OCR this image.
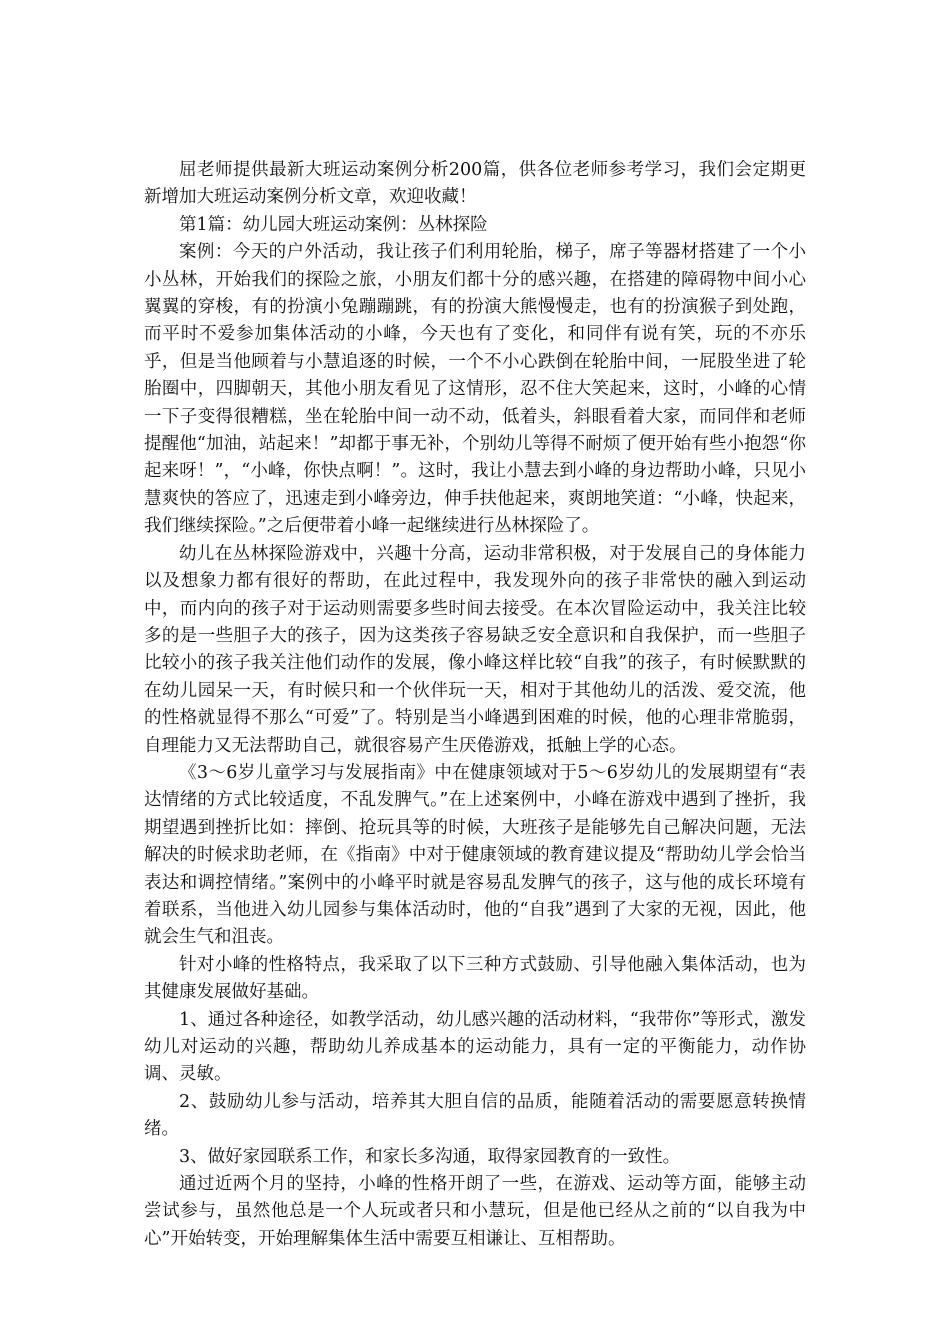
屈老师提供最新大班运动案例分析200篇，供各位老师参考学习，我们会定期更新增加大班运动案例分析文章，欢迎收藏！

第1篇：幼儿园大班运动案例：丛林探险

案例：今天的户外活动，我让孩子们利用轮胎，梯子，席子等器材搭建了一个小小丛林，开始我们的探险之旅，小朋友们都十分的感兴趣，在搭建的障碍物中间小心翼翼的穿梭，有的扮演小兔蹦蹦跳，有的扮演大熊慢慢走，也有的扮演猴子到处跑，而平时不爱参加集体活动的小峰，今天也有了变化，和同伴有说有笑，玩的不亦乐乎，但是当他顾着与小慧追逐的时候，一个不小心跌倒在轮胎中间，一屁股坐进了轮胎圈中，四脚朝天，其他小朋友看见了这情形，忍不住大笑起来，这时，小峰的心情一下子变得很糟糕，坐在轮胎中间一动不动，低着头，斜眼看着大家，而同伴和老师提醒他“加油，站起来！”却都于事无补，个别幼儿等得不耐烦了便开始有些小抱怨“你起来呀！”，“小峰，你快点啊！”。这时，我让小慧去到小峰的身边帮助小峰，只见小慧爽快的答应了，迅速走到小峰旁边，伸手扶他起来，爽朗地笑道：“小峰，快起来，我们继续探险。”之后便带着小峰一起继续进行丛林探险了。

幼儿在丛林探险游戏中，兴趣十分高，运动非常积极，对于发展自己的身体能力以及想象力都有很好的帮助，在此过程中，我发现外向的孩子非常快的融入到运动中，而内向的孩子对于运动则需要多些时间去接受。在本次冒险运动中，我关注比较多的是一些胆子大的孩子，因为这类孩子容易缺乏安全意识和自我保护，而一些胆子比较小的孩子我关注他们动作的发展，像小峰这样比较“自我”的孩子，有时候默默的在幼儿园呆一天，有时候只和一个伙伴玩一天，相对于其他幼儿的活泼、爱交流，他的性格就显得不那么“可爱”了。特别是当小峰遇到困难的时候，他的心理非常脆弱，自理能力又无法帮助自己，就很容易产生厌倦游戏，抵触上学的心态。

《3～6岁儿童学习与发展指南》中在健康领域对于5～6岁幼儿的发展期望有“表达情绪的方式比较适度，不乱发脾气。”在上述案例中，小峰在游戏中遇到了挫折，我期望遇到挫折比如：摔倒、抢玩具等的时候，大班孩子是能够先自己解决问题，无法解决的时候求助老师，在《指南》中对于健康领域的教育建议提及“帮助幼儿学会恰当表达和调控情绪。”案例中的小峰平时就是容易乱发脾气的孩子，这与他的成长环境有着联系，当他进入幼儿园参与集体活动时，他的“自我”遇到了大家的无视，因此，他就会生气和沮丧。

针对小峰的性格特点，我采取了以下三种方式鼓励、引导他融入集体活动，也为其健康发展做好基础。

1、通过各种途径，如教学活动，幼儿感兴趣的活动材料，“我带你”等形式，激发幼儿对运动的兴趣，帮助幼儿养成基本的运动能力，具有一定的平衡能力，动作协调、灵敏。

2、鼓励幼儿参与活动，培养其大胆自信的品质，能随着活动的需要愿意转换情绪。

3、做好家园联系工作，和家长多沟通，取得家园教育的一致性。

通过近两个月的坚持，小峰的性格开朗了一些，在游戏、运动等方面，能够主动尝试参与，虽然他总是一个人玩或者只和小慧玩，但是他已经从之前的“以自我为中心”开始转变，开始理解集体生活中需要互相谦让、互相帮助。
